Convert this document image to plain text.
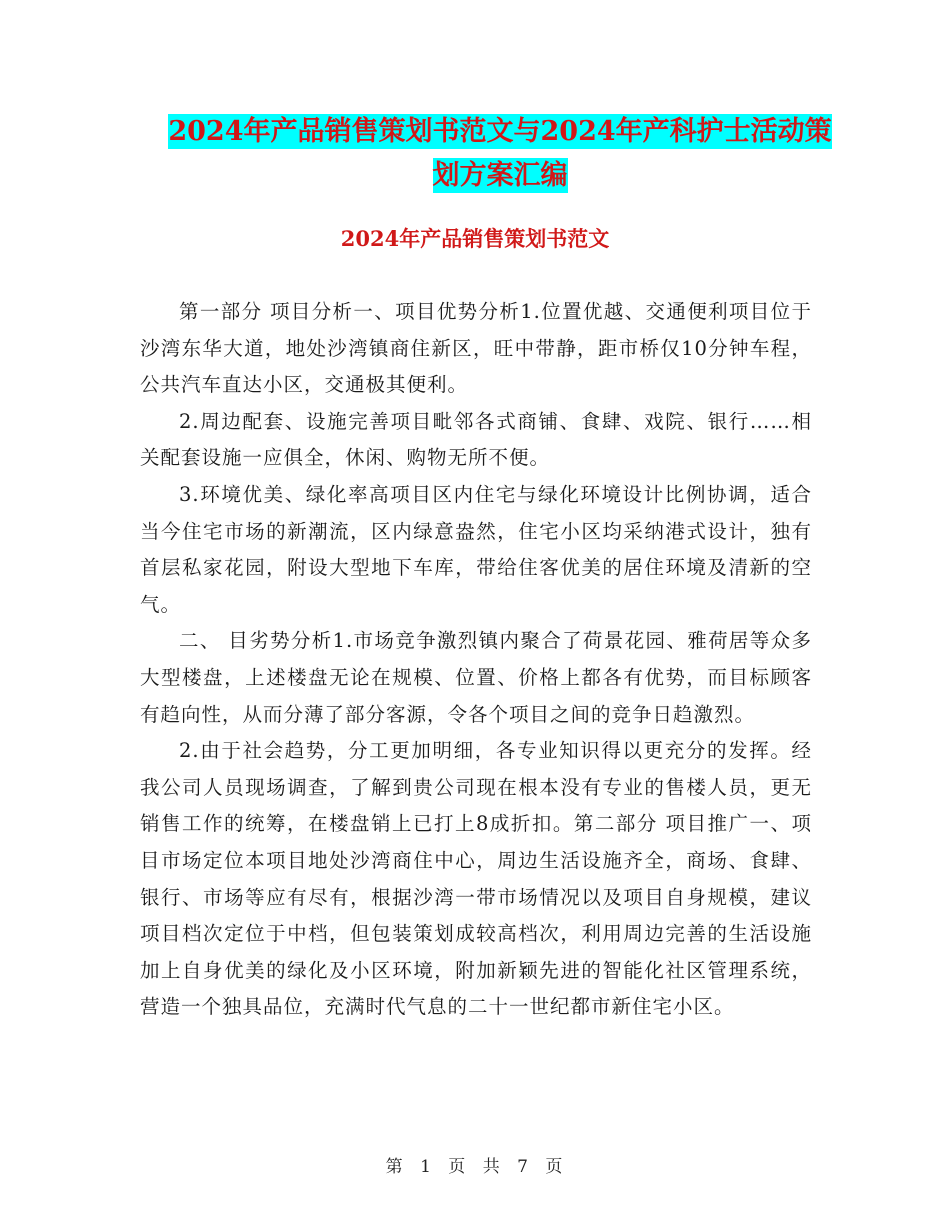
2024年产品销售策划书范文与2024年产科护士活动策
划方案汇编
2024年产品销售策划书范文

第一部分 项目分析一、项目优势分析1.位置优越、交通便利项目位于沙湾东华大道，地处沙湾镇商住新区，旺中带静，距市桥仅10分钟车程，公共汽车直达小区，交通极其便利。

2.周边配套、设施完善项目毗邻各式商铺、食肆、戏院、银行……相关配套设施一应俱全，休闲、购物无所不便。

3.环境优美、绿化率高项目区内住宅与绿化环境设计比例协调，适合当今住宅市场的新潮流，区内绿意盎然，住宅小区均采纳港式设计，独有首层私家花园，附设大型地下车库，带给住客优美的居住环境及清新的空气。

二、 目劣势分析1.市场竞争激烈镇内聚合了荷景花园、雅荷居等众多大型楼盘，上述楼盘无论在规模、位置、价格上都各有优势，而目标顾客有趋向性，从而分薄了部分客源，令各个项目之间的竞争日趋激烈。

2.由于社会趋势，分工更加明细，各专业知识得以更充分的发挥。经我公司人员现场调查，了解到贵公司现在根本没有专业的售楼人员，更无销售工作的统筹，在楼盘销上已打上8成折扣。第二部分 项目推广一、项目市场定位本项目地处沙湾商住中心，周边生活设施齐全，商场、食肆、银行、市场等应有尽有，根据沙湾一带市场情况以及项目自身规模，建议项目档次定位于中档，但包装策划成较高档次，利用周边完善的生活设施加上自身优美的绿化及小区环境，附加新颖先进的智能化社区管理系统，营造一个独具品位，充满时代气息的二十一世纪都市新住宅小区。

第 1 页 共 7 页
